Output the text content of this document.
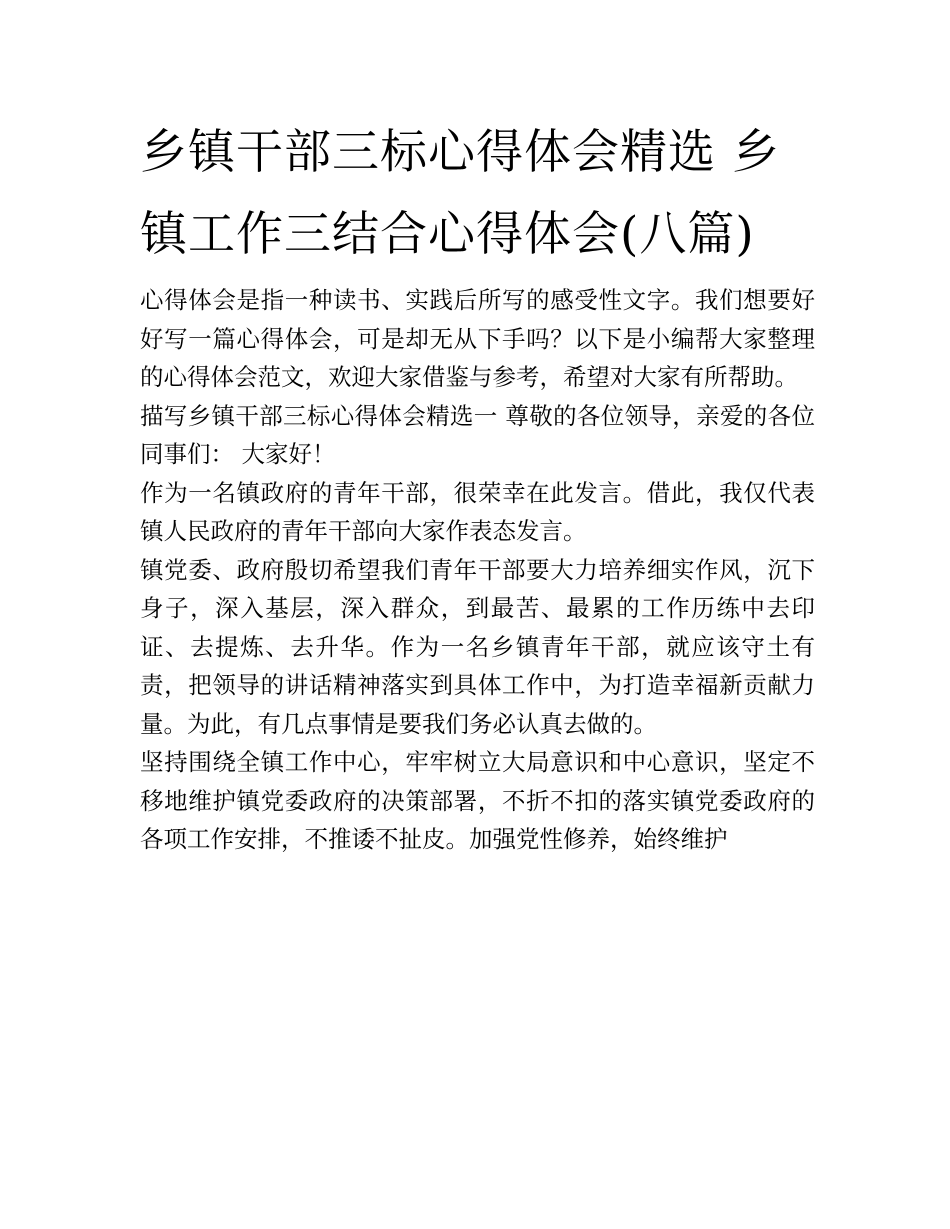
乡镇干部三标心得体会精选 乡镇工作三结合心得体会(八篇)

心得体会是指一种读书、实践后所写的感受性文字。我们想要好好写一篇心得体会，可是却无从下手吗？以下是小编帮大家整理的心得体会范文，欢迎大家借鉴与参考，希望对大家有所帮助。

描写乡镇干部三标心得体会精选一 尊敬的各位领导，亲爱的各位同事们： 大家好！

作为一名镇政府的青年干部，很荣幸在此发言。借此，我仅代表镇人民政府的青年干部向大家作表态发言。

镇党委、政府殷切希望我们青年干部要大力培养细实作风，沉下身子，深入基层，深入群众，到最苦、最累的工作历练中去印证、去提炼、去升华。作为一名乡镇青年干部，就应该守土有责，把领导的讲话精神落实到具体工作中，为打造幸福新贡献力量。为此，有几点事情是要我们务必认真去做的。

坚持围绕全镇工作中心，牢牢树立大局意识和中心意识，坚定不移地维护镇党委政府的决策部署，不折不扣的落实镇党委政府的各项工作安排，不推诿不扯皮。加强党性修养，始终维护
